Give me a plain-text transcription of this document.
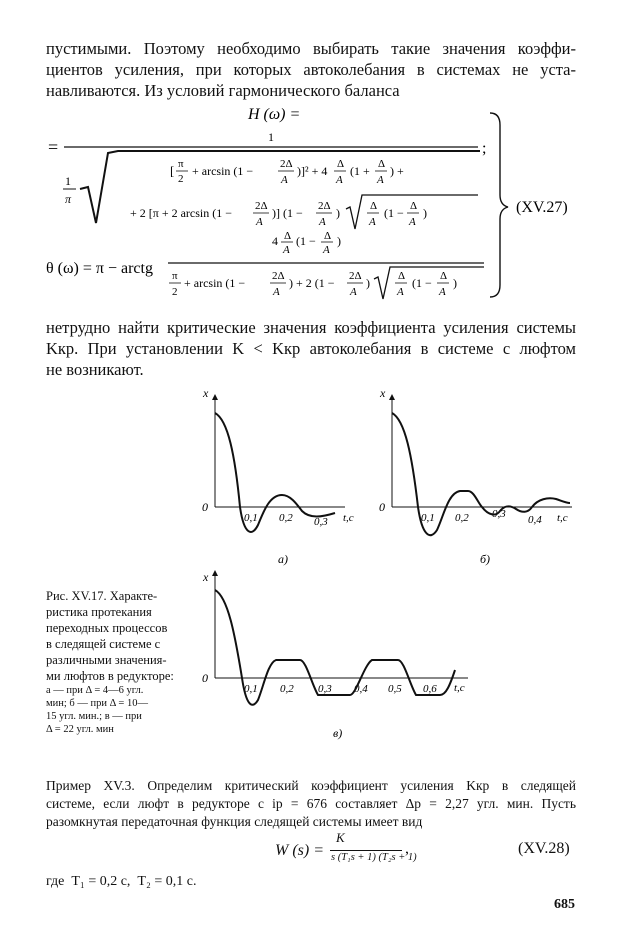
пустимыми. Поэтому необходимо выбирать такие значения коэффи-
циентов усиления, при которых автоколебания в системах не уста-
навливаются. Из условий гармонического баланса
H (ω) =
=	1
1
π
[ π
2
+ arcsin (1 − 2Δ
A
)]² + 4 Δ
A
(1 + Δ
A
) +
+ 2 [π + 2 arcsin (1 − 2Δ
A
)] (1 − 2Δ
A
)	Δ
A
(1 − Δ
A
)
;
θ (ω) = π − arctg
4 Δ
A
(1 − Δ
A
)
π
2
+ arcsin (1 − 2Δ
A
) + 2 (1 − 2Δ
A
)	Δ
A
(1 − Δ
A
)
(XV.27)
нетрудно найти критические значения коэффициента усиления системы
Kкр. При установлении K < Kкр автоколебания в системе с люфтом
не возникают.
x
0
t,c
0,1 0,2 0,3
a)
x
0
t,c
0,1 0,2 0,3 0,4
б)
x
0
t,c
0,1 0,2 0,3 0,4 0,5 0,6
в)
Рис. XV.17. Характе-
ристика протекания
переходных процессов
в следящей системе с
различными значения-
ми люфтов в редукторе:
а — при Δ = 4—6 угл.
мин; б — при Δ = 10—
15 угл. мин.; в — при
Δ = 22 угл. мин
Пример XV.3. Определим критический коэффициент усиления Kкр в следящей
системе, если люфт в редукторе с iр = 676 составляет Δр = 2,27 угл. мин. Пусть
разомкнутая передаточная функция следящей системы имеет вид
W (s) =
K
s (T₁s + 1) (T₂s + 1)
,	(XV.28)
где  T₁ = 0,2 с,  T₂ = 0,1 с.
685
